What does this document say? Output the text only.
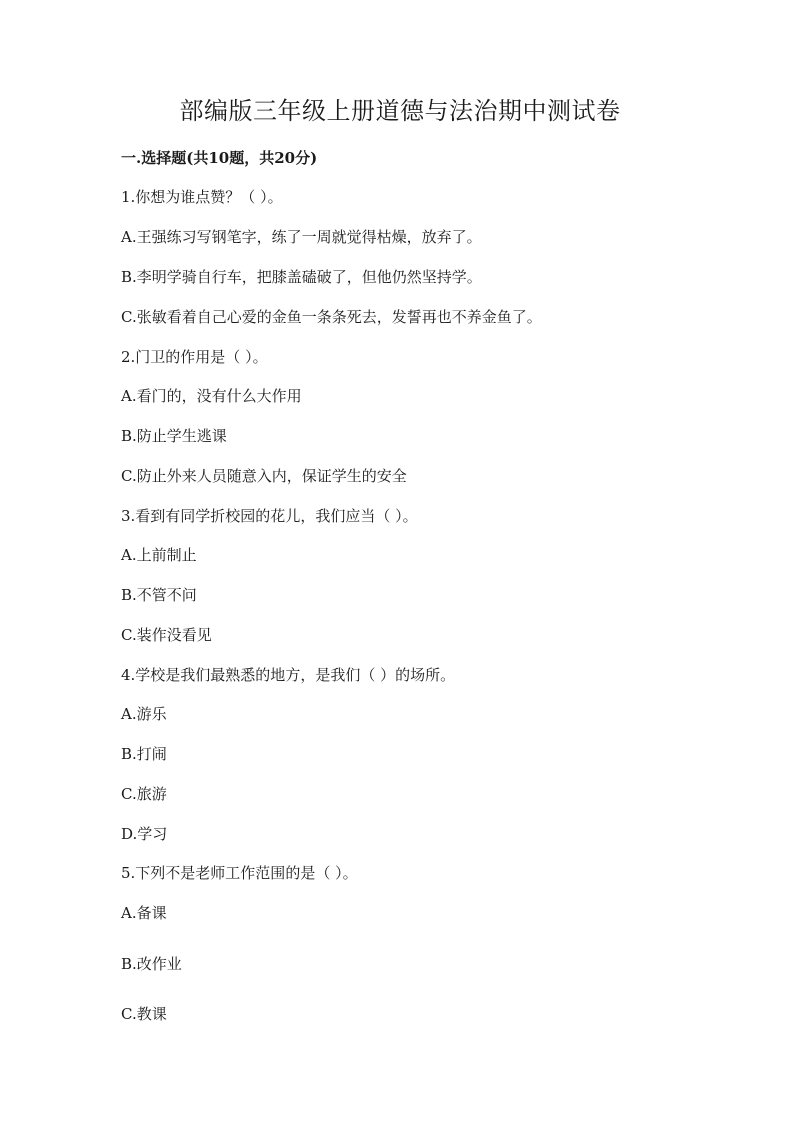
部编版三年级上册道德与法治期中测试卷

一.选择题(共10题，共20分)

1.你想为谁点赞？（ ）。

A.王强练习写钢笔字，练了一周就觉得枯燥，放弃了。

B.李明学骑自行车，把膝盖磕破了，但他仍然坚持学。

C.张敏看着自己心爱的金鱼一条条死去，发誓再也不养金鱼了。

2.门卫的作用是（ ）。

A.看门的，没有什么大作用

B.防止学生逃课

C.防止外来人员随意入内，保证学生的安全

3.看到有同学折校园的花儿，我们应当（ ）。

A.上前制止

B.不管不问

C.装作没看见

4.学校是我们最熟悉的地方，是我们（ ）的场所。

A.游乐

B.打闹

C.旅游

D.学习

5.下列不是老师工作范围的是（ ）。

A.备课

B.改作业

C.教课
